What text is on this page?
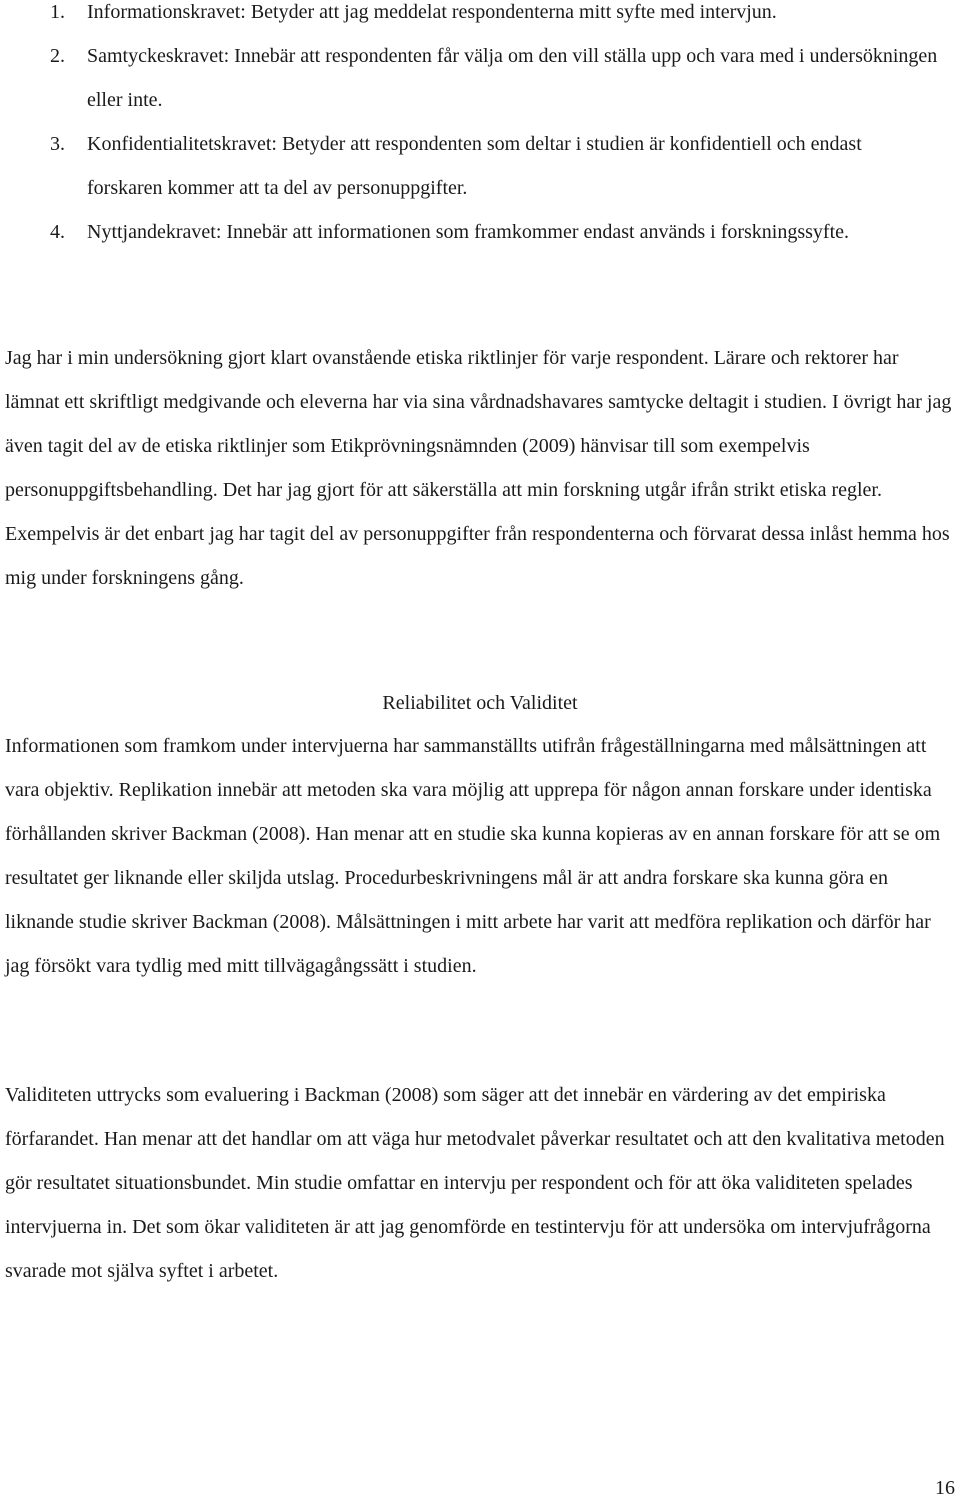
1. Informationskravet: Betyder att jag meddelat respondenterna mitt syfte med intervjun.
2. Samtyckeskravet: Innebär att respondenten får välja om den vill ställa upp och vara med i undersökningen eller inte.
3. Konfidentialitetskravet: Betyder att respondenten som deltar i studien är konfidentiell och endast forskaren kommer att ta del av personuppgifter.
4. Nyttjandekravet: Innebär att informationen som framkommer endast används i forskningssyfte.

Jag har i min undersökning gjort klart ovanstående etiska riktlinjer för varje respondent. Lärare och rektorer har lämnat ett skriftligt medgivande och eleverna har via sina vårdnadshavares samtycke deltagit i studien. I övrigt har jag även tagit del av de etiska riktlinjer som Etikprövningsnämnden (2009) hänvisar till som exempelvis personuppgiftsbehandling. Det har jag gjort för att säkerställa att min forskning utgår ifrån strikt etiska regler. Exempelvis är det enbart jag har tagit del av personuppgifter från respondenterna och förvarat dessa inlåst hemma hos mig under forskningens gång.

Reliabilitet och Validitet

Informationen som framkom under intervjuerna har sammanställts utifrån frågeställningarna med målsättningen att vara objektiv. Replikation innebär att metoden ska vara möjlig att upprepa för någon annan forskare under identiska förhållanden skriver Backman (2008). Han menar att en studie ska kunna kopieras av en annan forskare för att se om resultatet ger liknande eller skiljda utslag. Procedurbeskrivningens mål är att andra forskare ska kunna göra en liknande studie skriver Backman (2008). Målsättningen i mitt arbete har varit att medföra replikation och därför har jag försökt vara tydlig med mitt tillvägagångssätt i studien.

Validiteten uttrycks som evaluering i Backman (2008) som säger att det innebär en värdering av det empiriska förfarandet. Han menar att det handlar om att väga hur metodvalet påverkar resultatet och att den kvalitativa metoden gör resultatet situationsbundet. Min studie omfattar en intervju per respondent och för att öka validiteten spelades intervjuerna in. Det som ökar validiteten är att jag genomförde en testintervju för att undersöka om intervjufrågorna svarade mot själva syftet i arbetet.

16
